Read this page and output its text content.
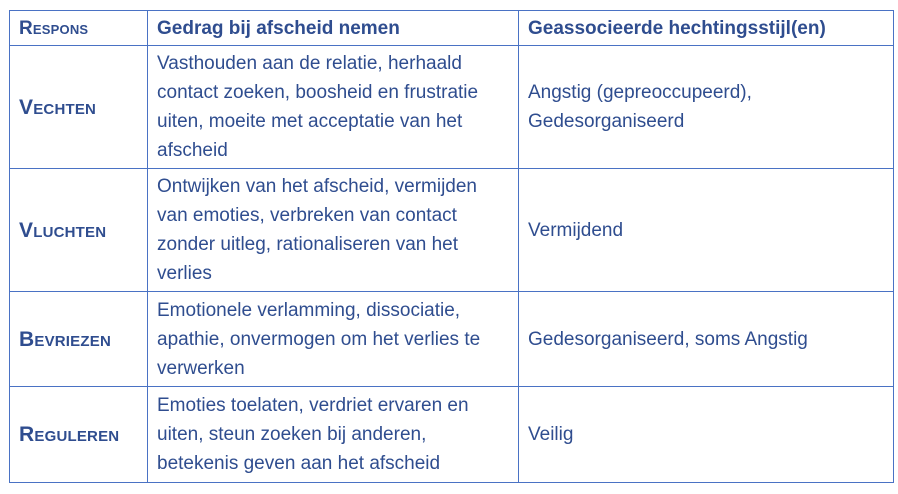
Respons	Gedrag bij afscheid nemen	Geassocieerde hechtingsstijl(en)
Vechten	Vasthouden aan de relatie, herhaald contact zoeken, boosheid en frustratie uiten, moeite met acceptatie van het afscheid	Angstig (gepreoccupeerd), Gedesorganiseerd
Vluchten	Ontwijken van het afscheid, vermijden van emoties, verbreken van contact zonder uitleg, rationaliseren van het verlies	Vermijdend
Bevriezen	Emotionele verlamming, dissociatie, apathie, onvermogen om het verlies te verwerken	Gedesorganiseerd, soms Angstig
Reguleren	Emoties toelaten, verdriet ervaren en uiten, steun zoeken bij anderen, betekenis geven aan het afscheid	Veilig
